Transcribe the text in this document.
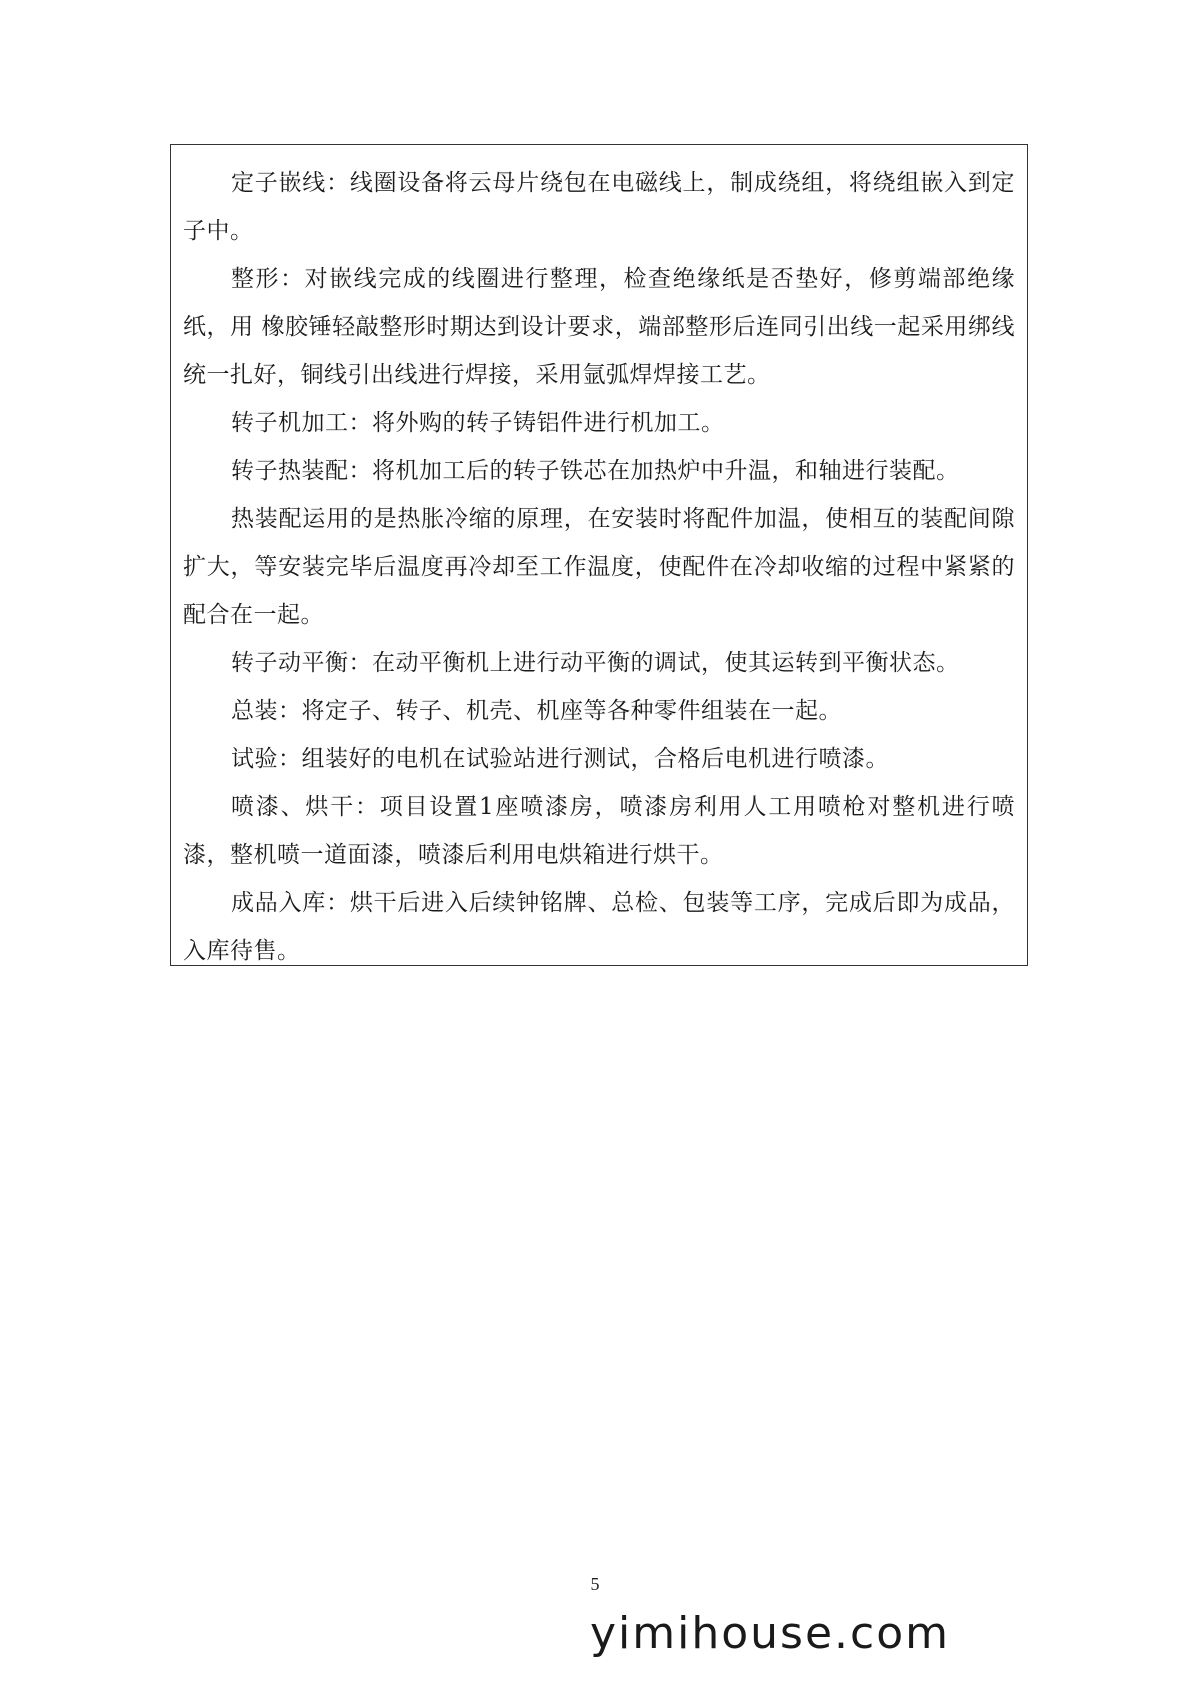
定子嵌线：线圈设备将云母片绕包在电磁线上，制成绕组，将绕组嵌入到定子中。

整形：对嵌线完成的线圈进行整理，检查绝缘纸是否垫好，修剪端部绝缘纸，用 橡胶锤轻敲整形时期达到设计要求，端部整形后连同引出线一起采用绑线统一扎好，铜线引出线进行焊接，采用氩弧焊焊接工艺。

转子机加工：将外购的转子铸铝件进行机加工。

转子热装配：将机加工后的转子铁芯在加热炉中升温，和轴进行装配。

热装配运用的是热胀冷缩的原理，在安装时将配件加温，使相互的装配间隙扩大，等安装完毕后温度再冷却至工作温度，使配件在冷却收缩的过程中紧紧的配合在一起。

转子动平衡：在动平衡机上进行动平衡的调试，使其运转到平衡状态。

总装：将定子、转子、机壳、机座等各种零件组装在一起。

试验：组装好的电机在试验站进行测试，合格后电机进行喷漆。

喷漆、烘干：项目设置1座喷漆房，喷漆房利用人工用喷枪对整机进行喷漆，整机喷一道面漆，喷漆后利用电烘箱进行烘干。

成品入库：烘干后进入后续钟铭牌、总检、包装等工序，完成后即为成品，入库待售。

5
yimihouse.com
